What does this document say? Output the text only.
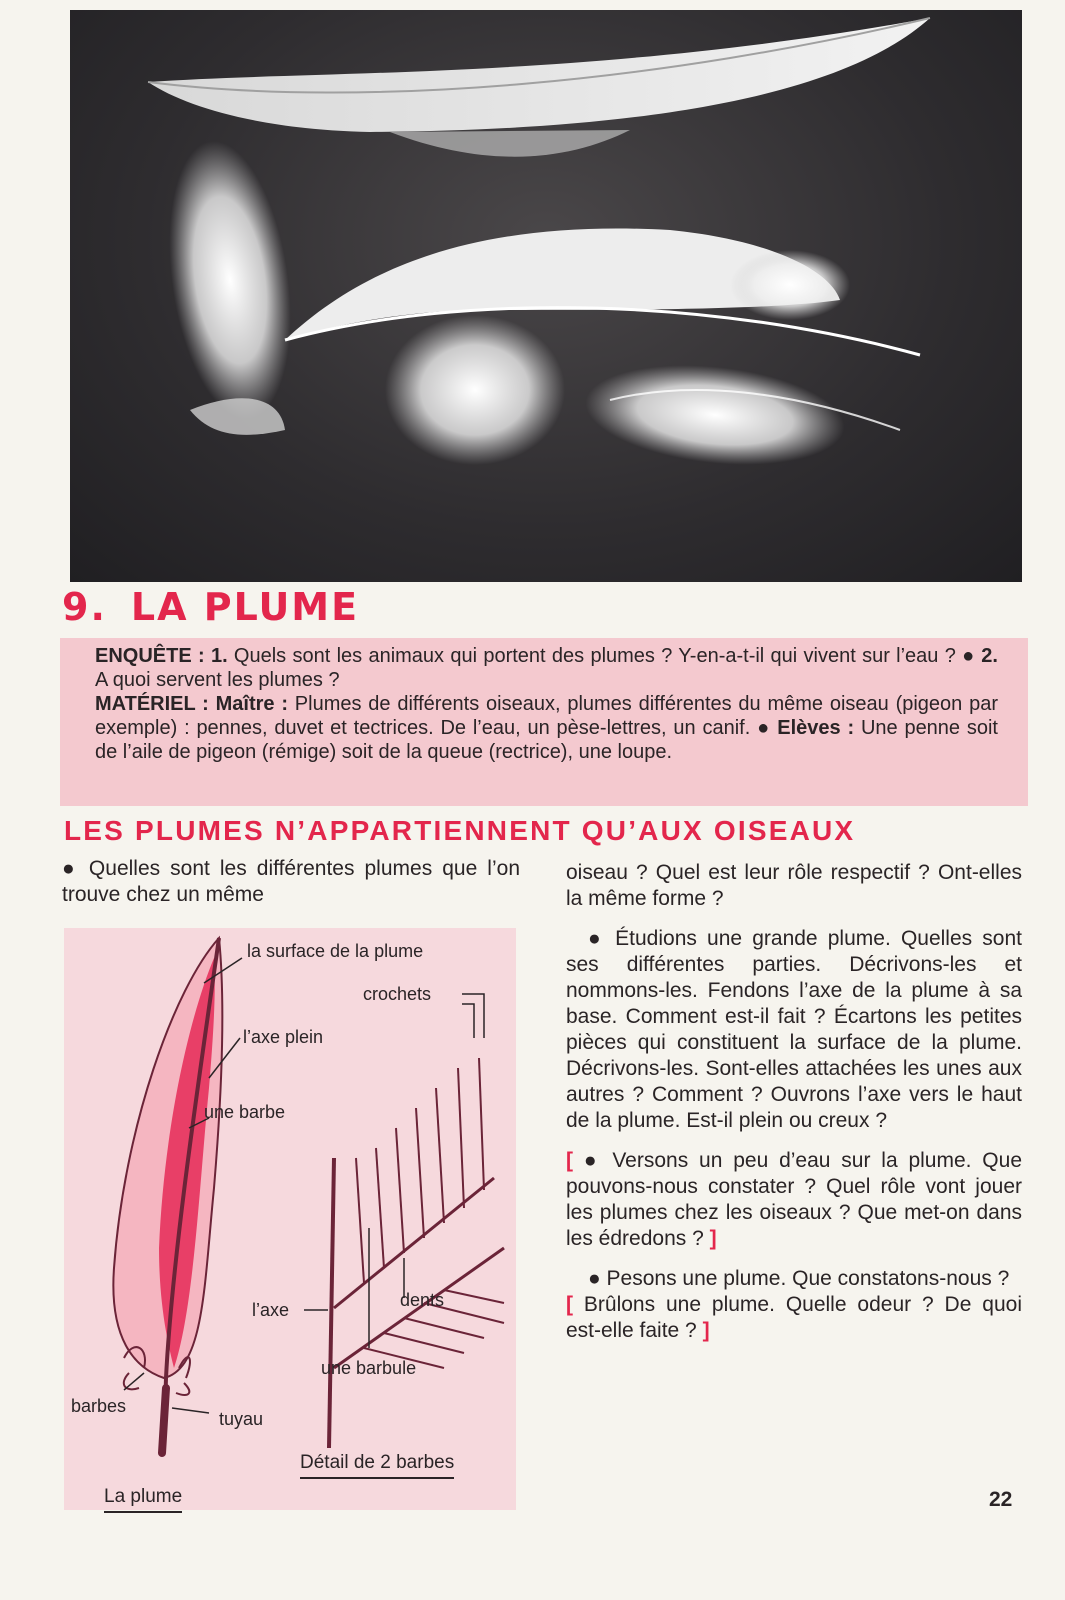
9. LA PLUME

ENQUÊTE : 1. Quels sont les animaux qui portent des plumes ? Y-en-a-t-il qui vivent sur l’eau ? ● 2. A quoi servent les plumes ?

MATÉRIEL : Maître : Plumes de différents oiseaux, plumes différentes du même oiseau (pigeon par exemple) : pennes, duvet et tectrices. De l’eau, un pèse-lettres, un canif. ● Elèves : Une penne soit de l’aile de pigeon (rémige) soit de la queue (rectrice), une loupe.

LES PLUMES N’APPARTIENNENT QU’AUX OISEAUX

● Quelles sont les différentes plumes que l’on trouve chez un même

oiseau ? Quel est leur rôle respectif ? Ont-elles la même forme ?

● Étudions une grande plume. Quelles sont ses différentes parties. Décrivons-les et nommons-les. Fendons l’axe de la plume à sa base. Comment est-il fait ? Écartons les petites pièces qui constituent la surface de la plume. Décrivons-les. Sont-elles attachées les unes aux autres ? Comment ? Ouvrons l’axe vers le haut de la plume. Est-il plein ou creux ?

[ ● Versons un peu d’eau sur la plume. Que pouvons-nous constater ? Quel rôle vont jouer les plumes chez les oiseaux ? Que met-on dans les édredons ? ]

● Pesons une plume. Que constatons-nous ?

[ Brûlons une plume. Quelle odeur ? De quoi est-elle faite ? ]

la surface de la plume
crochets
l’axe plein
une barbe
l’axe	dents
une barbule
barbes
tuyau
Détail de 2 barbes
La plume	22
